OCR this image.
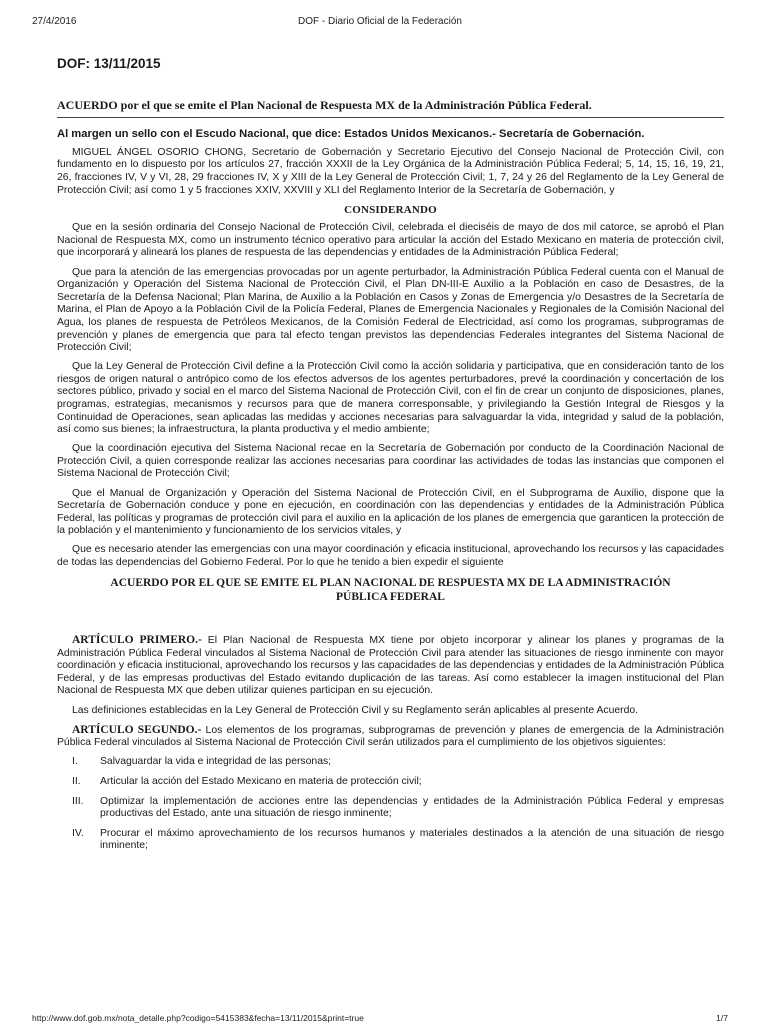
27/4/2016	DOF - Diario Oficial de la Federación
DOF: 13/11/2015
ACUERDO por el que se emite el Plan Nacional de Respuesta MX de la Administración Pública Federal.
Al margen un sello con el Escudo Nacional, que dice: Estados Unidos Mexicanos.- Secretaría de Gobernación.

MIGUEL ÁNGEL OSORIO CHONG, Secretario de Gobernación y Secretario Ejecutivo del Consejo Nacional de Protección Civil, con fundamento en lo dispuesto por los artículos 27, fracción XXXII de la Ley Orgánica de la Administración Pública Federal; 5, 14, 15, 16, 19, 21, 26, fracciones IV, V y VI, 28, 29 fracciones IV, X y XIII de la Ley General de Protección Civil; 1, 7, 24 y 26 del Reglamento de la Ley General de Protección Civil; así como 1 y 5 fracciones XXIV, XXVIII y XLI del Reglamento Interior de la Secretaría de Gobernación, y

CONSIDERANDO

Que en la sesión ordinaria del Consejo Nacional de Protección Civil, celebrada el dieciséis de mayo de dos mil catorce, se aprobó el Plan Nacional de Respuesta MX, como un instrumento técnico operativo para articular la acción del Estado Mexicano en materia de protección civil, que incorporará y alineará los planes de respuesta de las dependencias y entidades de la Administración Pública Federal;

Que para la atención de las emergencias provocadas por un agente perturbador, la Administración Pública Federal cuenta con el Manual de Organización y Operación del Sistema Nacional de Protección Civil, el Plan DN-III-E Auxilio a la Población en caso de Desastres, de la Secretaría de la Defensa Nacional; Plan Marina, de Auxilio a la Población en Casos y Zonas de Emergencia y/o Desastres de la Secretaría de Marina, el Plan de Apoyo a la Población Civil de la Policía Federal, Planes de Emergencia Nacionales y Regionales de la Comisión Nacional del Agua, los planes de respuesta de Petróleos Mexicanos, de la Comisión Federal de Electricidad, así como los programas, subprogramas de prevención y planes de emergencia que para tal efecto tengan previstos las dependencias Federales integrantes del Sistema Nacional de Protección Civil;

Que la Ley General de Protección Civil define a la Protección Civil como la acción solidaria y participativa, que en consideración tanto de los riesgos de origen natural o antrópico como de los efectos adversos de los agentes perturbadores, prevé la coordinación y concertación de los sectores público, privado y social en el marco del Sistema Nacional de Protección Civil, con el fin de crear un conjunto de disposiciones, planes, programas, estrategias, mecanismos y recursos para que de manera corresponsable, y privilegiando la Gestión Integral de Riesgos y la Continuidad de Operaciones, sean aplicadas las medidas y acciones necesarias para salvaguardar la vida, integridad y salud de la población, así como sus bienes; la infraestructura, la planta productiva y el medio ambiente;

Que la coordinación ejecutiva del Sistema Nacional recae en la Secretaría de Gobernación por conducto de la Coordinación Nacional de Protección Civil, a quien corresponde realizar las acciones necesarias para coordinar las actividades de todas las instancias que componen el Sistema Nacional de Protección Civil;

Que el Manual de Organización y Operación del Sistema Nacional de Protección Civil, en el Subprograma de Auxilio, dispone que la Secretaría de Gobernación conduce y pone en ejecución, en coordinación con las dependencias y entidades de la Administración Pública Federal, las políticas y programas de protección civil para el auxilio en la aplicación de los planes de emergencia que garanticen la protección de la población y el mantenimiento y funcionamiento de los servicios vitales, y

Que es necesario atender las emergencias con una mayor coordinación y eficacia institucional, aprovechando los recursos y las capacidades de todas las dependencias del Gobierno Federal. Por lo que he tenido a bien expedir el siguiente

ACUERDO POR EL QUE SE EMITE EL PLAN NACIONAL DE RESPUESTA MX DE LA ADMINISTRACIÓN PÚBLICA FEDERAL

ARTÍCULO PRIMERO.- El Plan Nacional de Respuesta MX tiene por objeto incorporar y alinear los planes y programas de la Administración Pública Federal vinculados al Sistema Nacional de Protección Civil para atender las situaciones de riesgo inminente con mayor coordinación y eficacia institucional, aprovechando los recursos y las capacidades de las dependencias y entidades de la Administración Pública Federal, y de las empresas productivas del Estado evitando duplicación de las tareas. Así como establecer la imagen institucional del Plan Nacional de Respuesta MX que deben utilizar quienes participan en su ejecución.

Las definiciones establecidas en la Ley General de Protección Civil y su Reglamento serán aplicables al presente Acuerdo.

ARTÍCULO SEGUNDO.- Los elementos de los programas, subprogramas de prevención y planes de emergencia de la Administración Pública Federal vinculados al Sistema Nacional de Protección Civil serán utilizados para el cumplimiento de los objetivos siguientes:

I.	Salvaguardar la vida e integridad de las personas;
II.	Articular la acción del Estado Mexicano en materia de protección civil;
III.	Optimizar la implementación de acciones entre las dependencias y entidades de la Administración Pública Federal y empresas productivas del Estado, ante una situación de riesgo inminente;
IV.	Procurar el máximo aprovechamiento de los recursos humanos y materiales destinados a la atención de una situación de riesgo inminente;
http://www.dof.gob.mx/nota_detalle.php?codigo=5415383&fecha=13/11/2015&print=true	1/7
